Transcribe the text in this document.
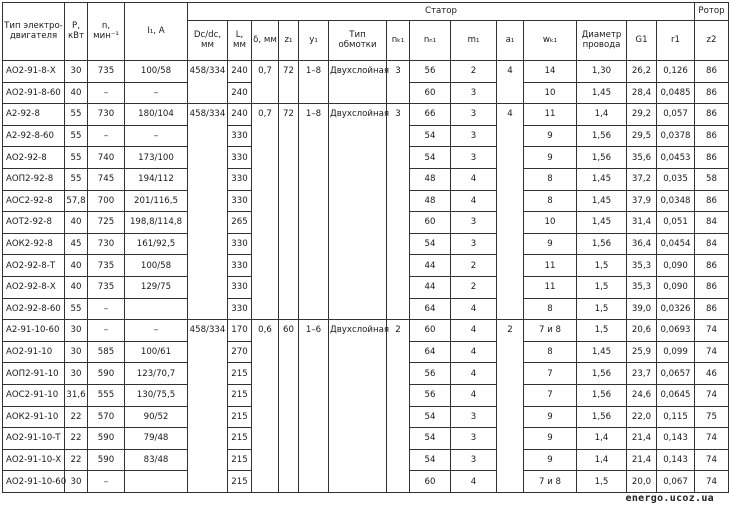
Тип электро-двигателя	P, кВт	n, мин⁻¹	I₁, А	Статор														Ротор
				Dc/dc, мм	L, мм	δ, мм	z₁	y₁	Тип обмотки	nₖ₁	nₙ₁	m₁	a₁	wₖ₁	Диаметр провода	G1	r1	z2
АО2-91-8-Х	30	735	100/58	458/334	240	0,7	72	1–8	Двухслойная	3	56	2	4	14	1,30	26,2	0,126	86
АО2-91-8-60	40	–	–		240						60	3		10	1,45	28,4	0,0485	86
А2-92-8	55	730	180/104	458/334	240	0,7	72	1–8	Двухслойная	3	66	3	4	11	1,4	29,2	0,057	86
А2-92-8-60	55	–	–		330						54	3		9	1,56	29,5	0,0378	86
АО2-92-8	55	740	173/100		330						54	3		9	1,56	35,6	0,0453	86
АОП2-92-8	55	745	194/112		330						48	4		8	1,45	37,2	0,035	58
АОС2-92-8	57,8	700	201/116,5		330						48	4		8	1,45	37,9	0,0348	86
АОТ2-92-8	40	725	198,8/114,8		265						60	3		10	1,45	31,4	0,051	84
АОК2-92-8	45	730	161/92,5		330						54	3		9	1,56	36,4	0,0454	84
АО2-92-8-Т	40	735	100/58		330						44	2		11	1,5	35,3	0,090	86
АО2-92-8-Х	40	735	129/75		330						44	2		11	1,5	35,3	0,090	86
АО2-92-8-60	55	–			330						64	4		8	1,5	39,0	0,0326	86
А2-91-10-60	30	–	–	458/334	170	0,6	60	1–6	Двухслойная	2	60	4	2	7 и 8	1,5	20,6	0,0693	74
АО2-91-10	30	585	100/61		270						64	4		8	1,45	25,9	0,099	74
АОП2-91-10	30	590	123/70,7		215						56	4		7	1,56	23,7	0,0657	46
АОС2-91-10	31,6	555	130/75,5		215						56	4		7	1,56	24,6	0,0645	74
АОК2-91-10	22	570	90/52		215						54	3		9	1,56	22,0	0,115	75
АО2-91-10-Т	22	590	79/48		215						54	3		9	1,4	21,4	0,143	74
АО2-91-10-Х	22	590	83/48		215						54	3		9	1,4	21,4	0,143	74
АО2-91-10-60	30	–			215						60	4		7 и 8	1,5	20,0	0,067	74
energo.ucoz.ua
